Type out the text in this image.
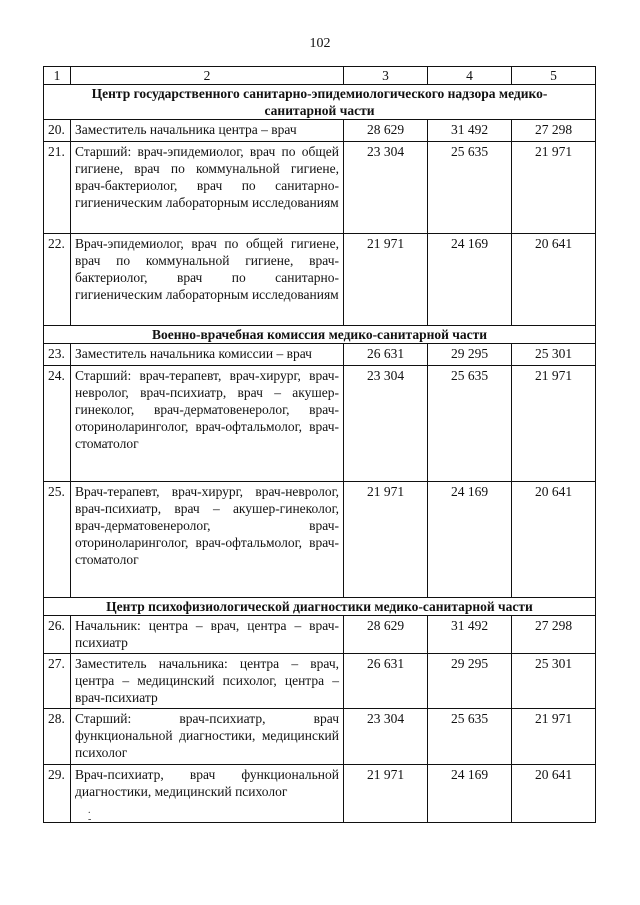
102
1	2	3	4	5
Центр государственного санитарно-эпидемиологического надзора медико-санитарной части				
20.	Заместитель начальника центра – врач	28 629	31 492	27 298
21.	Старший: врач-эпидемиолог, врач по общей гигиене, врач по коммунальной гигиене, врач-бактериолог, врач по санитарно-гигиеническим лабораторным исследованиям	23 304	25 635	21 971
22.	Врач-эпидемиолог, врач по общей гигиене, врач по коммунальной гигиене, врач-бактериолог, врач по санитарно-гигиеническим лабораторным исследованиям	21 971	24 169	20 641
Военно-врачебная комиссия медико-санитарной части				
23.	Заместитель начальника комиссии – врач	26 631	29 295	25 301
24.	Старший: врач-терапевт, врач-хирург, врач-невролог, врач-психиатр, врач – акушер-гинеколог, врач-дерматовенеролог, врач-оториноларинголог, врач-офтальмолог, врач-стоматолог	23 304	25 635	21 971
25.	Врач-терапевт, врач-хирург, врач-невролог, врач-психиатр, врач – акушер-гинеколог, врач-дерматовенеролог, врач-оториноларинголог, врач-офтальмолог, врач-стоматолог	21 971	24 169	20 641
Центр психофизиологической диагностики медико-санитарной части				
26.	Начальник: центра – врач, центра – врач-психиатр	28 629	31 492	27 298
27.	Заместитель начальника: центра – врач, центра – медицинский психолог, центра – врач-психиатр	26 631	29 295	25 301
28.	Старший: врач-психиатр, врач функциональной диагностики, медицинский психолог	23 304	25 635	21 971
29.	Врач-психиатр, врач функциональной диагностики, медицинский психолог	21 971	24 169	20 641
.
-
